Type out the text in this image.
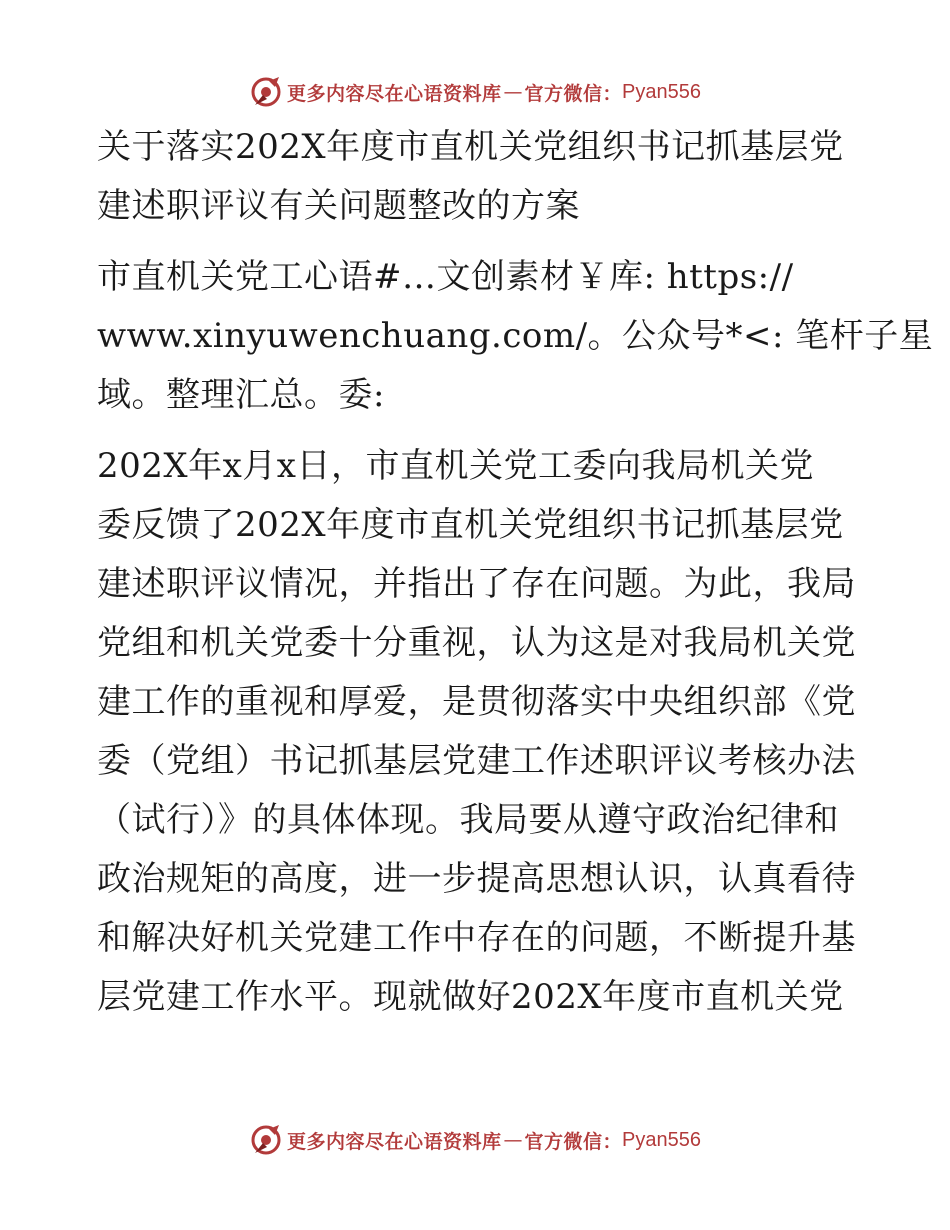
更多内容尽在心语资料库 — 官方微信： Pyan556
关于落实202X年度市直机关党组织书记抓基层党
建述职评议有关问题整改的方案
市直机关党工心语#…文创素材￥库: https://
www.xinyuwenchuang.com/。公众号*<: 笔杆子星
域。整理汇总。委:
202X年x月x日，市直机关党工委向我局机关党
委反馈了202X年度市直机关党组织书记抓基层党
建述职评议情况，并指出了存在问题。为此，我局
党组和机关党委十分重视，认为这是对我局机关党
建工作的重视和厚爱，是贯彻落实中央组织部《党
委（党组）书记抓基层党建工作述职评议考核办法
（试行）》的具体体现。我局要从遵守政治纪律和
政治规矩的高度，进一步提高思想认识，认真看待
和解决好机关党建工作中存在的问题，不断提升基
层党建工作水平。现就做好202X年度市直机关党
更多内容尽在心语资料库 — 官方微信： Pyan556
